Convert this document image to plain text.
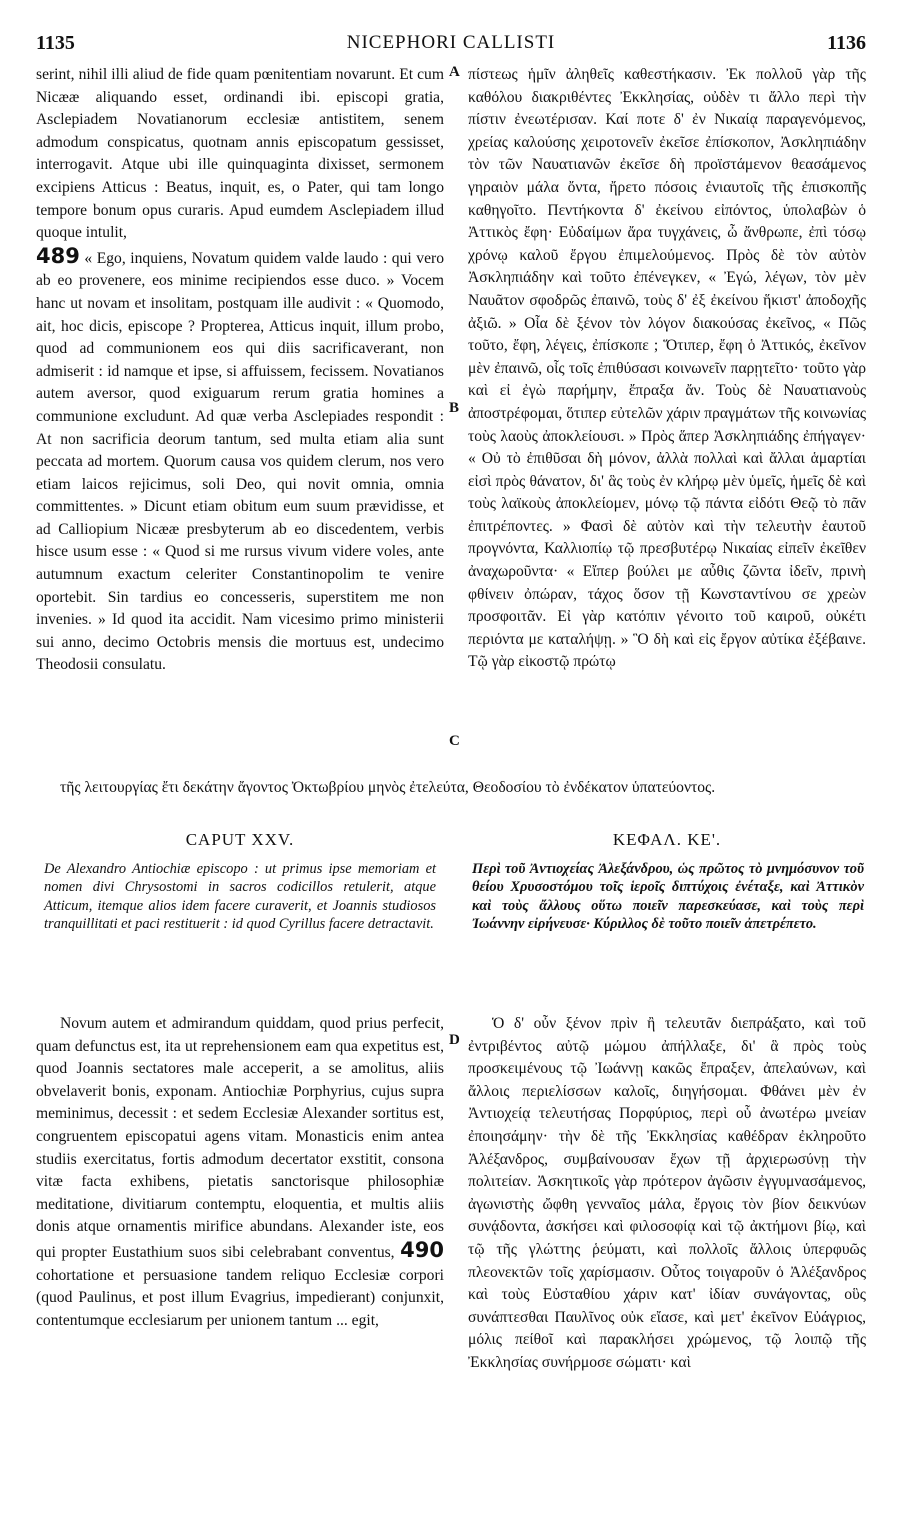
1135	NICEPHORI CALLISTI	1136
A
B
C
D

serint, nihil illi aliud de fide quam pœnitentiam novarunt. Et cum Nicææ aliquando esset, ordinandi ibi. episcopi gratia, Asclepiadem Novatianorum ecclesiæ antistitem, senem admodum conspicatus, quotnam annis episcopatum gessisset, interrogavit. Atque ubi ille quinquaginta dixisset, sermonem excipiens Atticus : Beatus, inquit, es, o Pater, qui tam longo tempore bonum opus curaris. Apud eumdem Asclepiadem illud quoque intulit,

489 « Ego, inquiens, Novatum quidem valde laudo : qui vero ab eo provenere, eos minime recipiendos esse duco. » Vocem hanc ut novam et insolitam, postquam ille audivit : « Quomodo, ait, hoc dicis, episcope ? Propterea, Atticus inquit, illum probo, quod ad communionem eos qui diis sacrificaverant, non admiserit : id namque et ipse, si affuissem, fecissem. Novatianos autem aversor, quod exiguarum rerum gratia homines a communione excludunt. Ad quæ verba Asclepiades respondit : At non sacrificia deorum tantum, sed multa etiam alia sunt peccata ad mortem. Quorum causa vos quidem clerum, nos vero etiam laicos rejicimus, soli Deo, qui novit omnia, omnia committentes. » Dicunt etiam obitum eum suum prævidisse, et ad Calliopium Nicææ presbyterum ab eo discedentem, verbis hisce usum esse : « Quod si me rursus vivum videre voles, ante autumnum exactum celeriter Constantinopolim te venire oportebit. Sin tardius eo concesseris, superstitem me non invenies. » Id quod ita accidit. Nam vicesimo primo ministerii sui anno, decimo Octobris mensis die mortuus est, undecimo Theodosii consulatu.

πίστεως ἡμῖν ἀληθεῖς καθεστήκασιν. Ἐκ πολλοῦ γὰρ τῆς καθόλου διακριθέντες Ἐκκλησίας, οὐδὲν τι ἄλλο περὶ τὴν πίστιν ἐνεωτέρισαν. Καί ποτε δ' ἐν Νικαίᾳ παραγενόμενος, χρείας καλούσης χειροτονεῖν ἐκεῖσε ἐπίσκοπον, Ἀσκληπιάδην τὸν τῶν Ναυατιανῶν ἐκεῖσε δὴ προϊστάμενον θεασάμενος γηραιὸν μάλα ὄντα, ἤρετο πόσοις ἐνιαυτοῖς τῆς ἐπισκοπῆς καθηγοῖτο. Πεντήκοντα δ' ἐκείνου εἰπόντος, ὑπολαβὼν ὁ Ἀττικὸς ἔφη· Εὐδαίμων ἄρα τυγχάνεις, ὦ ἄνθρωπε, ἐπὶ τόσῳ χρόνῳ καλοῦ ἔργου ἐπιμελούμενος. Πρὸς δὲ τὸν αὐτὸν Ἀσκληπιάδην καὶ τοῦτο ἐπένεγκεν, « Ἐγώ, λέγων, τὸν μὲν Ναυᾶτον σφοδρῶς ἐπαινῶ, τοὺς δ' ἐξ ἐκείνου ἥκιστ' ἀποδοχῆς ἀξιῶ. » Οἷα δὲ ξένον τὸν λόγον διακούσας ἐκεῖνος, « Πῶς τοῦτο, ἔφη, λέγεις, ἐπίσκοπε ; Ὅτιπερ, ἔφη ὁ Ἀττικός, ἐκεῖνον μὲν ἐπαινῶ, οἷς τοῖς ἐπιθύσασι κοινωνεῖν παρῃτεῖτο· τοῦτο γὰρ καὶ εἰ ἐγὼ παρήμην, ἔπραξα ἄν. Τοὺς δὲ Ναυατιανοὺς ἀποστρέφομαι, ὅτιπερ εὐτελῶν χάριν πραγμάτων τῆς κοινωνίας τοὺς λαοὺς ἀποκλείουσι. » Πρὸς ἅπερ Ἀσκληπιάδης ἐπήγαγεν· « Οὐ τὸ ἐπιθῦσαι δὴ μόνον, ἀλλὰ πολλαὶ καὶ ἄλλαι ἁμαρτίαι εἰσὶ πρὸς θάνατον, δι' ἃς τοὺς ἐν κλήρῳ μὲν ὑμεῖς, ἡμεῖς δὲ καὶ τοὺς λαϊκοὺς ἀποκλείομεν, μόνῳ τῷ πάντα εἰδότι Θεῷ τὸ πᾶν ἐπιτρέποντες. » Φασὶ δὲ αὐτὸν καὶ τὴν τελευτὴν ἑαυτοῦ προγνόντα, Καλλιοπίῳ τῷ πρεσβυτέρῳ Νικαίας εἰπεῖν ἐκεῖθεν ἀναχωροῦντα· « Εἴπερ βούλει με αὖθις ζῶντα ἰδεῖν, πρινὴ φθίνειν ὀπώραν, τάχος ὅσον τῇ Κωνσταντίνου σε χρεὼν προσφοιτᾶν. Εἰ γὰρ κατόπιν γένοιτο τοῦ καιροῦ, οὐκέτι περιόντα με καταλήψῃ. » Ὃ δὴ καὶ εἰς ἔργον αὐτίκα ἐξέβαινε. Τῷ γὰρ εἰκοστῷ πρώτῳ

τῆς λειτουργίας ἔτι δεκάτην ἄγοντος Ὀκτωβρίου μηνὸς ἐτελεύτα, Θεοδοσίου τὸ ἐνδέκατον ὑπατεύοντος.
CAPUT XXV.	ΚΕΦΑΛ. ΚΕ'.
De Alexandro Antiochiæ episcopo : ut primus ipse memoriam et nomen divi Chrysostomi in sacros codicillos retulerit, atque Atticum, itemque alios idem facere curaverit, et Joannis studiosos tranquillitati et paci restituerit : id quod Cyrillus facere detractavit.
Περὶ τοῦ Ἀντιοχείας Ἀλεξάνδρου, ὡς πρῶτος τὸ μνημόσυνον τοῦ θείου Χρυσοστόμου τοῖς ἱεροῖς διπτύχοις ἐνέταξε, καὶ Ἀττικὸν καὶ τοὺς ἄλλους οὕτω ποιεῖν παρεσκεύασε, καὶ τοὺς περὶ Ἰωάννην εἰρήνευσε· Κύριλλος δὲ τοῦτο ποιεῖν ἀπετρέπετο.

Novum autem et admirandum quiddam, quod prius perfecit, quam defunctus est, ita ut reprehensionem eam qua expetitus est, quod Joannis sectatores male acceperit, a se amolitus, aliis obvelaverit bonis, exponam. Antiochiæ Porphyrius, cujus supra meminimus, decessit : et sedem Ecclesiæ Alexander sortitus est, congruentem episcopatui agens vitam. Monasticis enim antea studiis exercitatus, fortis admodum decertator exstitit, consona vitæ facta exhibens, pietatis sanctorisque philosophiæ meditatione, divitiarum contemptu, eloquentia, et multis aliis donis atque ornamentis mirifice abundans. Alexander iste, eos qui propter Eustathium suos sibi celebrabant conventus, 490 cohortatione et persuasione tandem reliquo Ecclesiæ corpori (quod Paulinus, et post illum Evagrius, impedierant) conjunxit, contentumque ecclesiarum per unionem tantum ... egit,

Ὁ δ' οὖν ξένον πρὶν ἢ τελευτᾶν διεπράξατο, καὶ τοῦ ἐντριβέντος αὐτῷ μώμου ἀπήλλαξε, δι' ἃ πρὸς τοὺς προσκειμένους τῷ Ἰωάννῃ κακῶς ἔπραξεν, ἀπελαύνων, καὶ ἄλλοις περιελίσσων καλοῖς, διηγήσομαι. Φθάνει μὲν ἐν Ἀντιοχείᾳ τελευτήσας Πορφύριος, περὶ οὗ ἀνωτέρω μνείαν ἐποιησάμην· τὴν δὲ τῆς Ἐκκλησίας καθέδραν ἐκληροῦτο Ἀλέξανδρος, συμβαίνουσαν ἔχων τῇ ἀρχιερωσύνῃ τὴν πολιτείαν. Ἀσκητικοῖς γὰρ πρότερον ἀγῶσιν ἐγγυμνασάμενος, ἀγωνιστὴς ὤφθη γενναῖος μάλα, ἔργοις τὸν βίον δεικνύων συνᾴδοντα, ἀσκήσει καὶ φιλοσοφίᾳ καὶ τῷ ἀκτήμονι βίῳ, καὶ τῷ τῆς γλώττης ῥεύματι, καὶ πολλοῖς ἄλλοις ὑπερφυῶς πλεονεκτῶν τοῖς χαρίσμασιν. Οὗτος τοιγαροῦν ὁ Ἀλέξανδρος καὶ τοὺς Εὐσταθίου χάριν κατ' ἰδίαν συνάγοντας, οὓς συνάπτεσθαι Παυλῖνος οὐκ εἴασε, καὶ μετ' ἐκεῖνον Εὐάγριος, μόλις πείθοῖ καὶ παρακλήσει χρώμενος, τῷ λοιπῷ τῆς Ἐκκλησίας συνήρμοσε σώματι· καὶ
